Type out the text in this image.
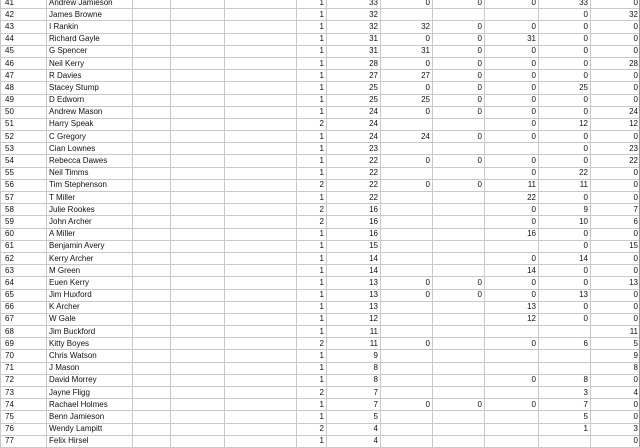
41	Andrew Jamieson				1	33	0	0	0	33	0
42	James Browne				1	32				0	32
43	I Rankin				1	32	32	0	0	0	0
44	Richard Gayle				1	31	0	0	31	0	0
45	G Spencer				1	31	31	0	0	0	0
46	Neil Kerry				1	28	0	0	0	0	28
47	R Davies				1	27	27	0	0	0	0
48	Stacey Stump				1	25	0	0	0	25	0
49	D Edworn				1	25	25	0	0	0	0
50	Andrew Mason				1	24	0	0	0	0	24
51	Harry Speak				2	24			0	12	12
52	C Gregory				1	24	24	0	0	0	0
53	Cian Lownes				1	23				0	23
54	Rebecca Dawes				1	22	0	0	0	0	22
55	Neil Timms				1	22			0	22	0
56	Tim Stephenson				2	22	0	0	11	11	0
57	T Miller				1	22			22	0	0
58	Julie Rookes				2	16			0	9	7
59	John Archer				2	16			0	10	6
60	A Miller				1	16			16	0	0
61	Benjamin Avery				1	15				0	15
62	Kerry Archer				1	14			0	14	0
63	M Green				1	14			14	0	0
64	Euen Kerry				1	13	0	0	0	0	13
65	Jim Huxford				1	13	0	0	0	13	0
66	K Archer				1	13			13	0	0
67	W Gale				1	12			12	0	0
68	Jim Buckford				1	11					11
69	Kitty Boyes				2	11	0		0	6	5
70	Chris Watson				1	9					9
71	J Mason				1	8					8
72	David Morrey				1	8			0	8	0
73	Jayne Fligg				2	7				3	4
74	Rachael Holmes				1	7	0	0	0	7	0
75	Benn Jamieson				1	5				5	0
76	Wendy Lampitt				2	4				1	3
77	Felix Hirsel				1	4					0
